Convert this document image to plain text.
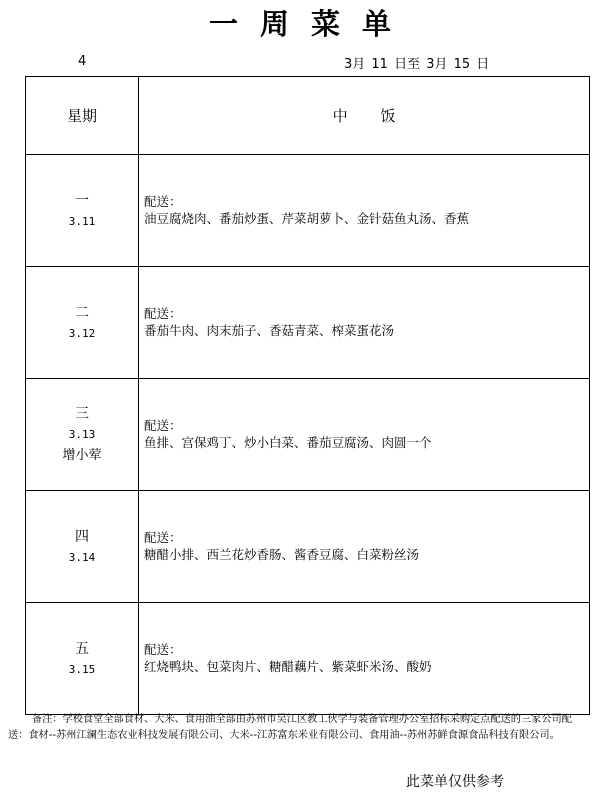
一周菜单
4	3月 11 日至 3月 15 日
星期	中 饭

一
3.11	配送：
油豆腐烧肉、番茄炒蛋、芹菜胡萝卜、金针菇鱼丸汤、香蕉

二
3.12	配送：
番茄牛肉、肉末茄子、香菇青菜、榨菜蛋花汤

三
3.13
增小荤	配送：
鱼排、宫保鸡丁、炒小白菜、番茄豆腐汤、肉圆一个

四
3.14	配送：
糖醋小排、西兰花炒香肠、酱香豆腐、白菜粉丝汤

五
3.15	配送：
红烧鸭块、包菜肉片、糖醋藕片、紫菜虾米汤、酸奶
备注：学校食堂全部食材、大米、食用油全部由苏州市吴江区教工伙学与装备管理办公室招标采购定点配送的三家公司配送：食材--苏州江澜生态农业科技发展有限公司、大米--江苏富东米业有限公司、食用油--苏州苏鲜食源食品科技有限公司。
此菜单仅供参考
